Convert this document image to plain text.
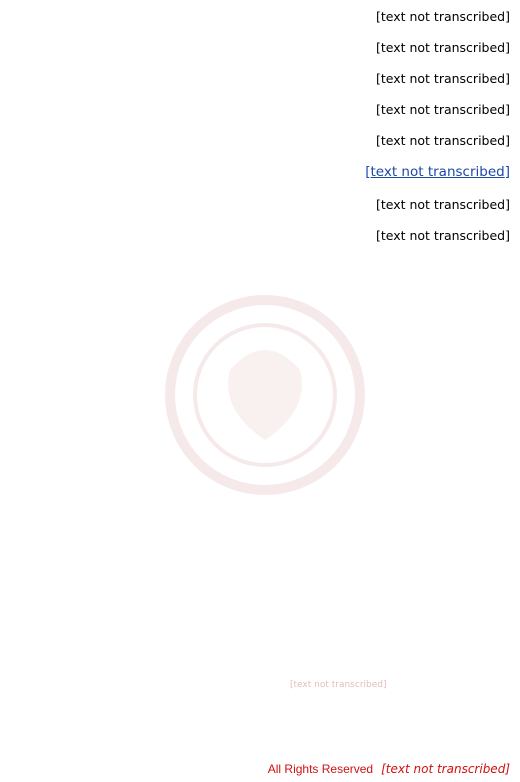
[text not transcribed]

[text not transcribed]

[text not transcribed]

[text not transcribed]

[text not transcribed]

[text not transcribed]

[text not transcribed]

[text not transcribed]

[text not transcribed]

All Rights Reserved [text not transcribed]
